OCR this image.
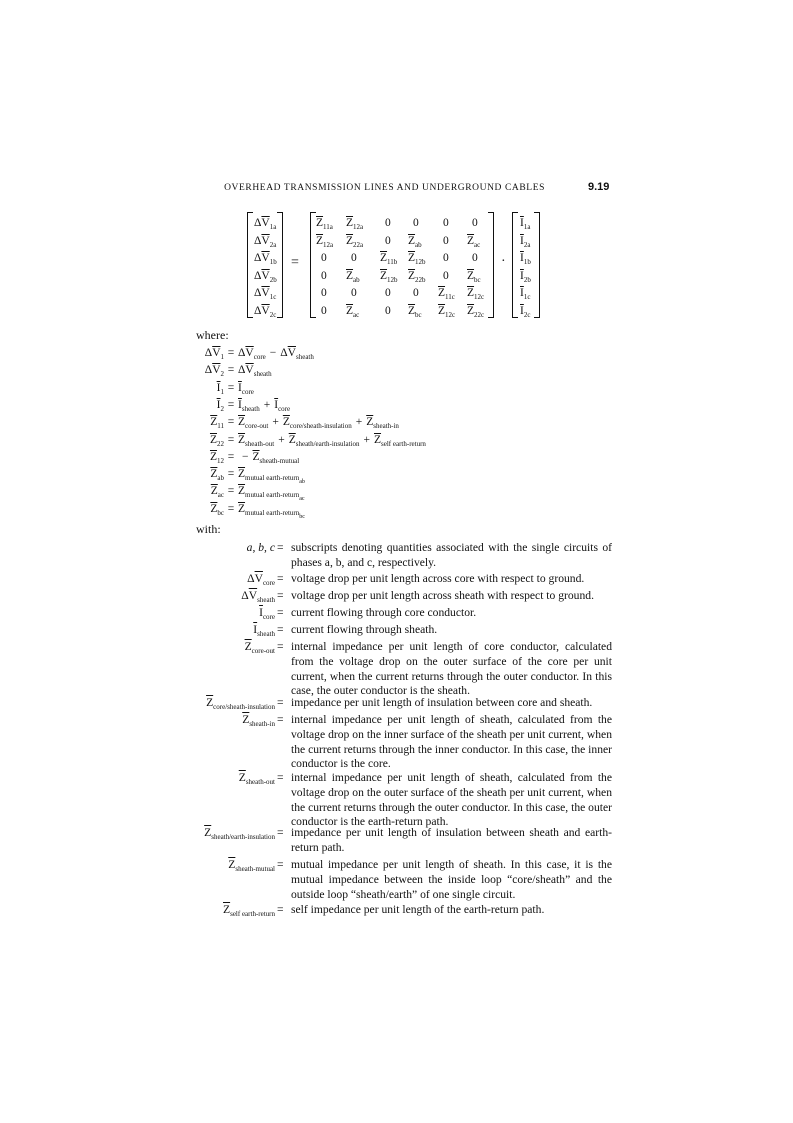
OVERHEAD TRANSMISSION LINES AND UNDERGROUND CABLES	9.19
$\Delta\overline{V}_{1a}$
$\Delta\overline{V}_{2a}$
$\Delta\overline{V}_{1b}$
$\Delta\overline{V}_{2b}$
$\Delta\overline{V}_{1c}$
$\Delta\overline{V}_{2c}$
=
$\overline{Z}_{11a}$
$\overline{Z}_{12a}$
0
0
0
0
$\overline{Z}_{12a}$
$\overline{Z}_{22a}$
0
$\overline{Z}_{ab}$
0
$\overline{Z}_{ac}$
0
0
$\overline{Z}_{11b}$
$\overline{Z}_{12b}$
0
0
0
$\overline{Z}_{ab}$
$\overline{Z}_{12b}$
$\overline{Z}_{22b}$
0
$\overline{Z}_{bc}$
0
0
0
0
$\overline{Z}_{11c}$
$\overline{Z}_{12c}$
0
$\overline{Z}_{ac}$
0
$\overline{Z}_{bc}$
$\overline{Z}_{12c}$
$\overline{Z}_{22c}$
·
$\overline{I}_{1a}$
$\overline{I}_{2a}$
$\overline{I}_{1b}$
$\overline{I}_{2b}$
$\overline{I}_{1c}$
$\overline{I}_{2c}$
where:
$\Delta\overline{V}_1 = \Delta\overline{V}_{core} - \Delta\overline{V}_{sheath}$
$\Delta\overline{V}_2 = \Delta\overline{V}_{sheath}$
$\overline{I}_1 = \overline{I}_{core}$
$\overline{I}_2 = \overline{I}_{sheath} + \overline{I}_{core}$
$\overline{Z}_{11} = \overline{Z}_{core-out} + \overline{Z}_{core/sheath-insulation} + \overline{Z}_{sheath-in}$
$\overline{Z}_{22} = \overline{Z}_{sheath-out} + \overline{Z}_{sheath/earth-insulation} + \overline{Z}_{self earth-return}$
$\overline{Z}_{12}$ = − $\overline{Z}_{sheath-mutual}$
$\overline{Z}_{ab} = \overline{Z}_{mutual earth-return_{ab}}$
$\overline{Z}_{ac} = \overline{Z}_{mutual earth-return_{ac}}$
$\overline{Z}_{bc} = \overline{Z}_{mutual earth-return_{bc}}$
with:
a, b, c = subscripts denoting quantities associated with the single circuits of phases a, b, and c, respectively.
$\Delta\overline{V}_{core}$ = voltage drop per unit length across core with respect to ground.
$\Delta\overline{V}_{sheath}$ = voltage drop per unit length across sheath with respect to ground.
$\overline{I}_{core}$ = current flowing through core conductor.
$\overline{I}_{sheath}$ = current flowing through sheath.
$\overline{Z}_{core-out}$ = internal impedance per unit length of core conductor, calculated from the voltage drop on the outer surface of the core per unit current, when the current returns through the outer conductor. In this case, the outer conductor is the sheath.
$\overline{Z}_{core/sheath-insulation}$ = impedance per unit length of insulation between core and sheath.
$\overline{Z}_{sheath-in}$ = internal impedance per unit length of sheath, calculated from the voltage drop on the inner surface of the sheath per unit current, when the current returns through the inner conductor. In this case, the inner conductor is the core.
$\overline{Z}_{sheath-out}$ = internal impedance per unit length of sheath, calculated from the voltage drop on the outer surface of the sheath per unit current, when the current returns through the outer conductor. In this case, the outer conductor is the earth-return path.
$\overline{Z}_{sheath/earth-insulation}$ = impedance per unit length of insulation between sheath and earth-return path.
$\overline{Z}_{sheath-mutual}$ = mutual impedance per unit length of sheath. In this case, it is the mutual impedance between the inside loop “core/sheath” and the outside loop “sheath/earth” of one single circuit.
$\overline{Z}_{self earth-return}$ = self impedance per unit length of the earth-return path.
